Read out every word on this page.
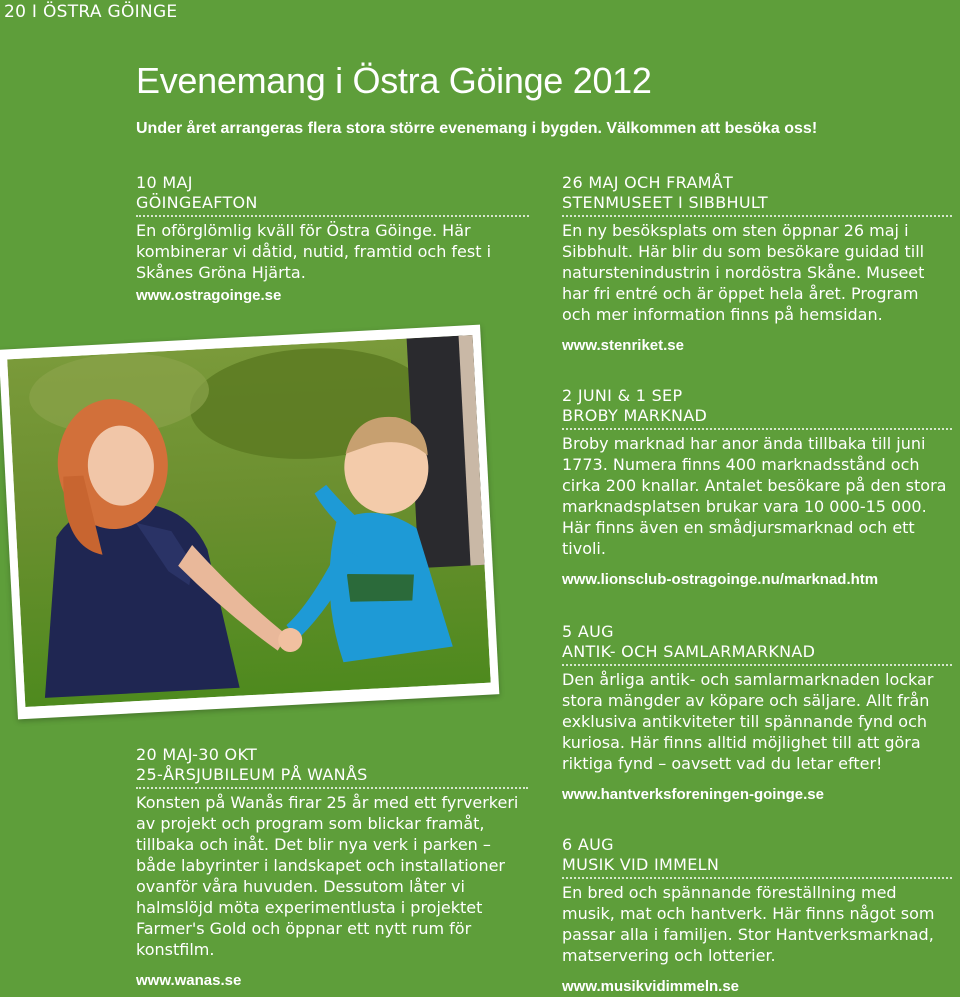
20 I ÖSTRA GÖINGE
Evenemang i Östra Göinge 2012
Under året arrangeras flera stora större evenemang i bygden. Välkommen att besöka oss!
10 MAJ
GÖINGEAFTON
En oförglömlig kväll för Östra Göinge. Här kombinerar vi dåtid, nutid, framtid och fest i Skånes Gröna Hjärta.
www.ostragoinge.se
26 MAJ OCH FRAMÅT
STENMUSEET I SIBBHULT
En ny besöksplats om sten öppnar 26 maj i Sibbhult. Här blir du som besökare guidad till naturstenindustrin i nordöstra Skåne. Museet har fri entré och är öppet hela året. Program och mer information finns på hemsidan.
www.stenriket.se
2 JUNI & 1 SEP
BROBY MARKNAD
Broby marknad har anor ända tillbaka till juni 1773. Numera finns 400 marknadsstånd och cirka 200 knallar. Antalet besökare på den stora marknadsplatsen brukar vara 10 000-15 000. Här finns även en smådjursmarknad och ett tivoli.
www.lionsclub-ostragoinge.nu/marknad.htm
5 AUG
ANTIK- OCH SAMLARMARKNAD
Den årliga antik- och samlarmarknaden lockar stora mängder av köpare och säljare. Allt från exklusiva antikviteter till spännande fynd och kuriosa. Här finns alltid möjlighet till att göra riktiga fynd – oavsett vad du letar efter!
www.hantverksforeningen-goinge.se
6 AUG
MUSIK VID IMMELN
En bred och spännande föreställning med musik, mat och hantverk. Här finns något som passar alla i familjen. Stor Hantverksmarknad, matservering och lotterier.
www.musikvidimmeln.se
20 MAJ-30 OKT
25-ÅRSJUBILEUM PÅ WANÅS
Konsten på Wanås firar 25 år med ett fyrverkeri av projekt och program som blickar framåt, tillbaka och inåt. Det blir nya verk i parken – både labyrinter i landskapet och installationer ovanför våra huvuden. Dessutom låter vi halmslöjd möta experimentlusta i projektet Farmer's Gold och öppnar ett nytt rum för konstfilm.
www.wanas.se
